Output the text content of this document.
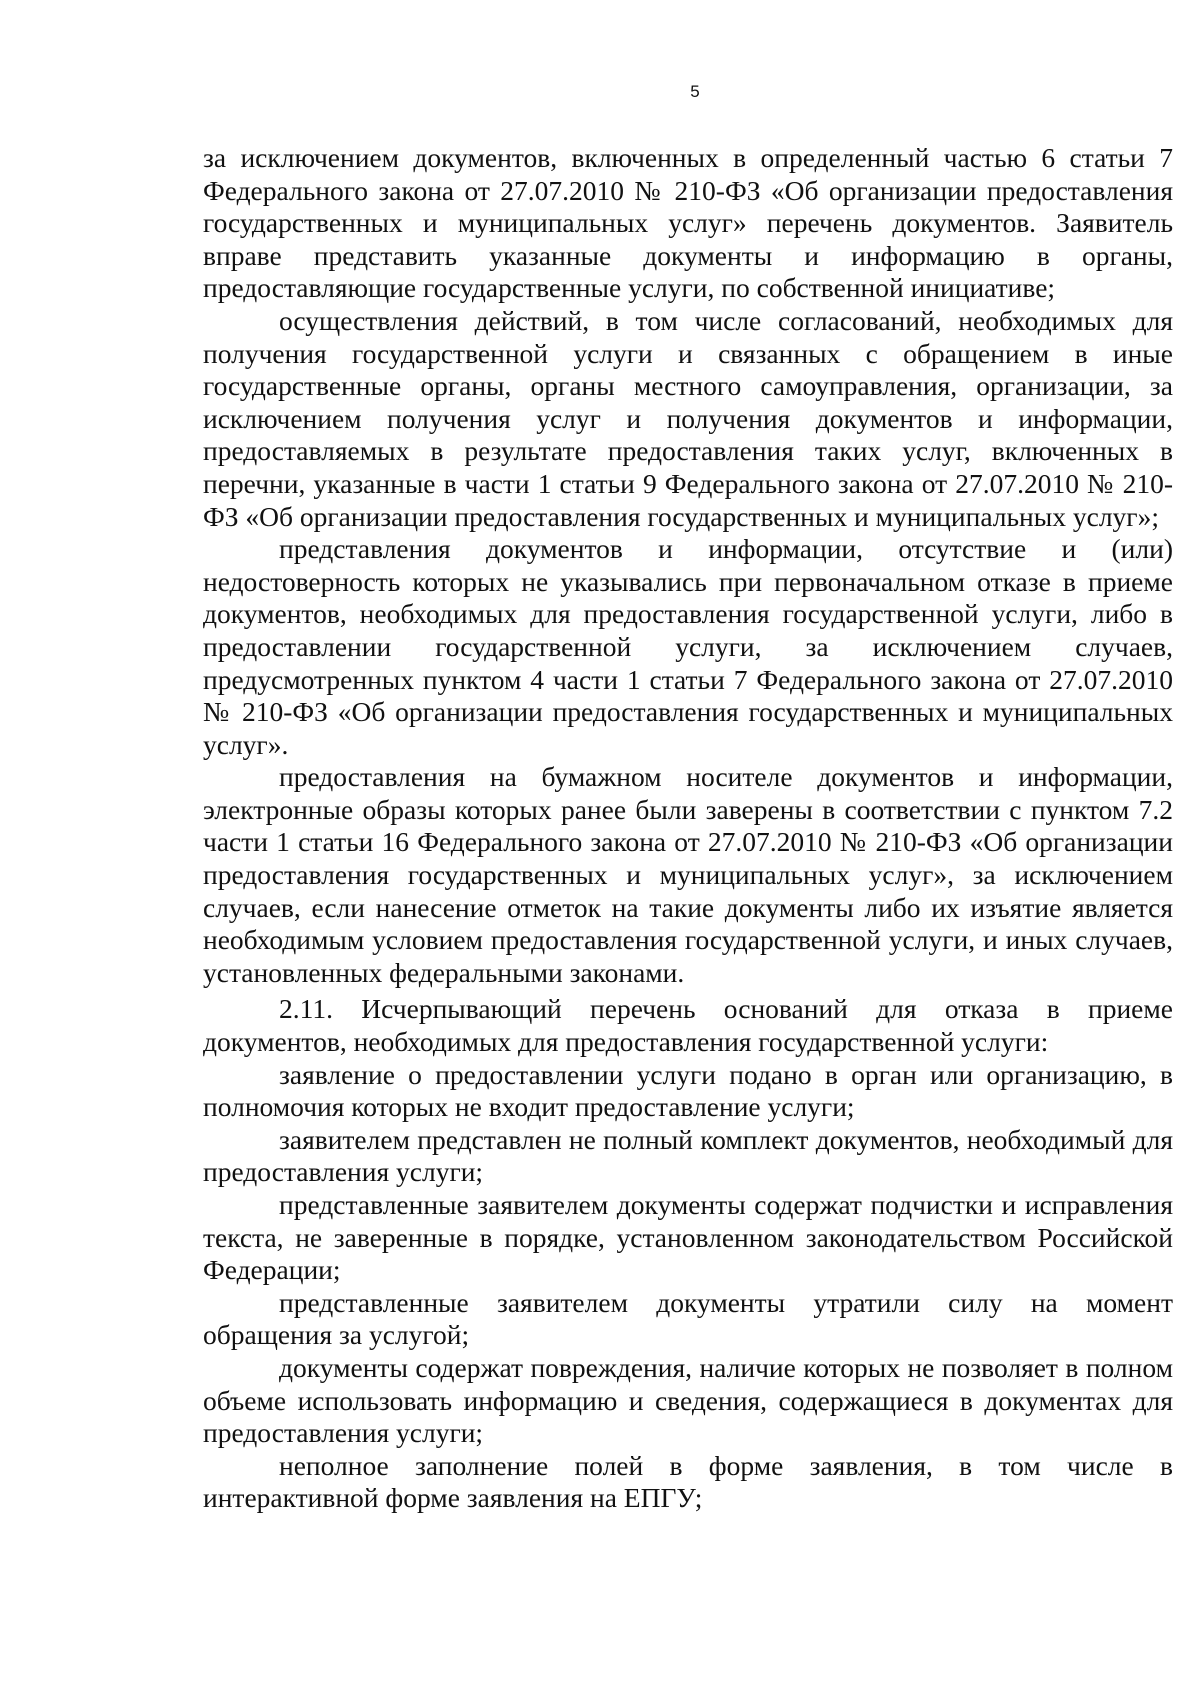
5

за исключением документов, включенных в определенный частью 6 статьи 7 Федерального закона от 27.07.2010 № 210-ФЗ «Об организации предоставления государственных и муниципальных услуг» перечень документов. Заявитель вправе представить указанные документы и информацию в органы, предоставляющие государственные услуги, по собственной инициативе;

осуществления действий, в том числе согласований, необходимых для получения государственной услуги и связанных с обращением в иные государственные органы, органы местного самоуправления, организации, за исключением получения услуг и получения документов и информации, предоставляемых в результате предоставления таких услуг, включенных в перечни, указанные в части 1 статьи 9 Федерального закона от 27.07.2010 № 210-ФЗ «Об организации предоставления государственных и муниципальных услуг»;

представления документов и информации, отсутствие и (или) недостоверность которых не указывались при первоначальном отказе в приеме документов, необходимых для предоставления государственной услуги, либо в предоставлении государственной услуги, за исключением случаев, предусмотренных пунктом 4 части 1 статьи 7 Федерального закона от 27.07.2010 № 210-ФЗ «Об организации предоставления государственных и муниципальных услуг».

предоставления на бумажном носителе документов и информации, электронные образы которых ранее были заверены в соответствии с пунктом 7.2 части 1 статьи 16 Федерального закона от 27.07.2010 № 210-ФЗ «Об организации предоставления государственных и муниципальных услуг», за исключением случаев, если нанесение отметок на такие документы либо их изъятие является необходимым условием предоставления государственной услуги, и иных случаев, установленных федеральными законами.

2.11. Исчерпывающий перечень оснований для отказа в приеме документов, необходимых для предоставления государственной услуги:

заявление о предоставлении услуги подано в орган или организацию, в полномочия которых не входит предоставление услуги;

заявителем представлен не полный комплект документов, необходимый для предоставления услуги;

представленные заявителем документы содержат подчистки и исправления текста, не заверенные в порядке, установленном законодательством Российской Федерации;

представленные заявителем документы утратили силу на момент обращения за услугой;

документы содержат повреждения, наличие которых не позволяет в полном объеме использовать информацию и сведения, содержащиеся в документах для предоставления услуги;

неполное заполнение полей в форме заявления, в том числе в интерактивной форме заявления на ЕПГУ;
